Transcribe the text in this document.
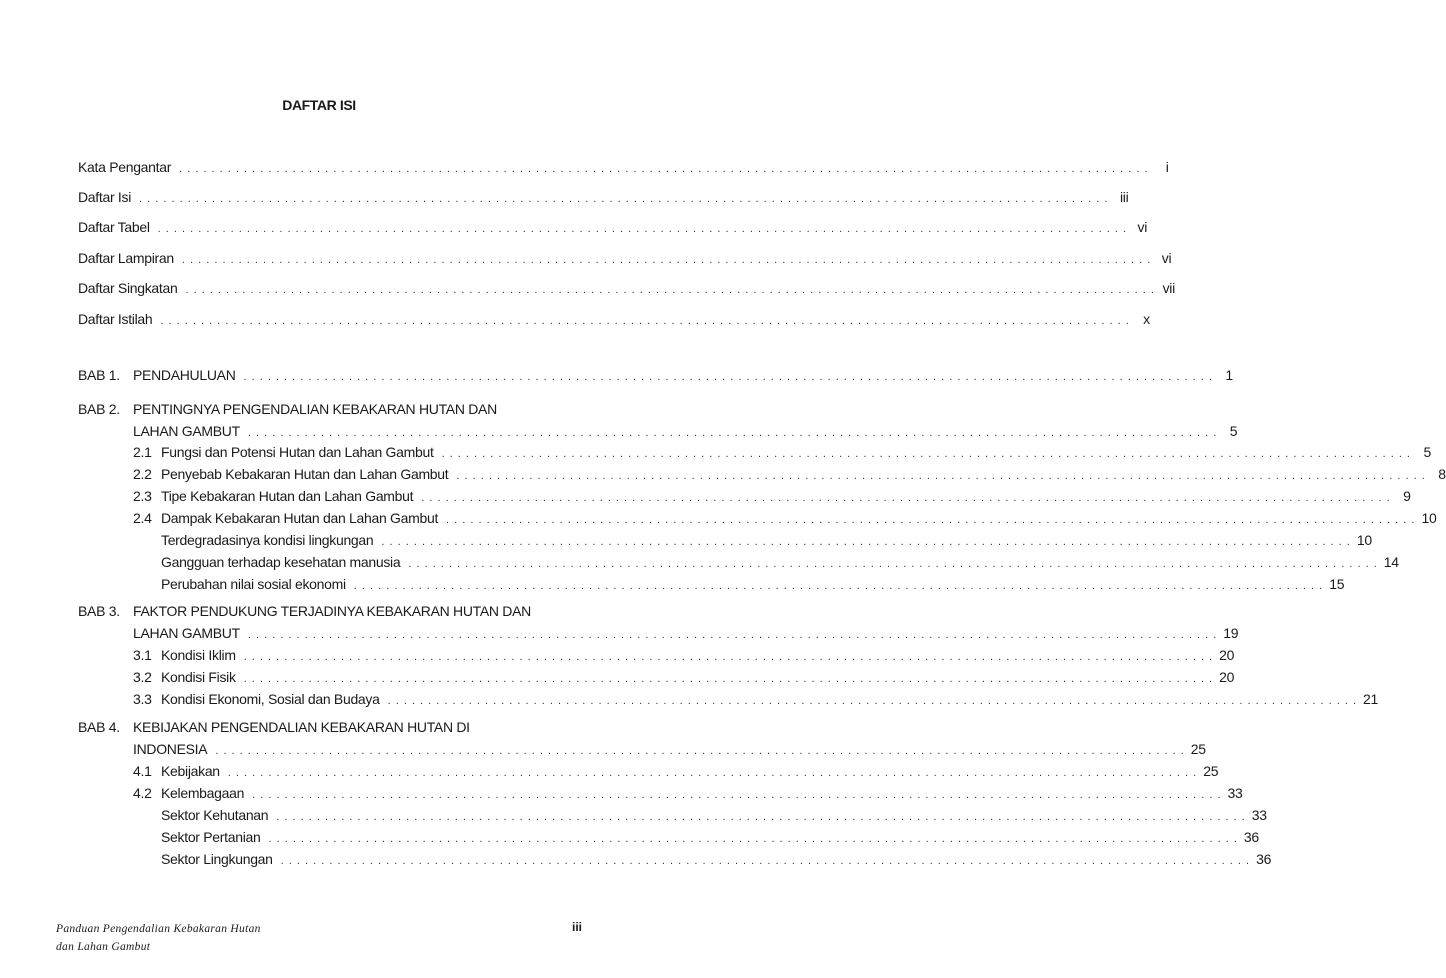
DAFTAR ISI
Kata Pengantar . . . . . . . . . . . . . . . . . . . . . . . . . . . . . . . . . . . . . . . . . . . . . . . . . . . . . . . . . . . . . . . . . . . . . . . . . . . . . . . . . . . . . . . . . . . . . . . . . . . . . . . . . . . . . . . . . . . . . . . .	i
Daftar Isi . . . . . . . . . . . . . . . . . . . . . . . . . . . . . . . . . . . . . . . . . . . . . . . . . . . . . . . . . . . . . . . . . . . . . . . . . . . . . . . . . . . . . . . . . . . . . . . . . . . . . . . . . . . . . . . . . . . . . . . . iii
Daftar Tabel . . . . . . . . . . . . . . . . . . . . . . . . . . . . . . . . . . . . . . . . . . . . . . . . . . . . . . . . . . . . . . . . . . . . . . . . . . . . . . . . . . . . . . . . . . . . . . . . . . . . . . . . . . . . . . . . . . . . . . . . vi
Daftar Lampiran . . . . . . . . . . . . . . . . . . . . . . . . . . . . . . . . . . . . . . . . . . . . . . . . . . . . . . . . . . . . . . . . . . . . . . . . . . . . . . . . . . . . . . . . . . . . . . . . . . . . . . . . . . . . . . . . . . . . . . . . vi
Daftar Singkatan . . . . . . . . . . . . . . . . . . . . . . . . . . . . . . . . . . . . . . . . . . . . . . . . . . . . . . . . . . . . . . . . . . . . . . . . . . . . . . . . . . . . . . . . . . . . . . . . . . . . . . . . . . . . . . . . . . . . . . . . vii
Daftar Istilah . . . . . . . . . . . . . . . . . . . . . . . . . . . . . . . . . . . . . . . . . . . . . . . . . . . . . . . . . . . . . . . . . . . . . . . . . . . . . . . . . . . . . . . . . . . . . . . . . . . . . . . . . . . . . . . . . . . . . . . . x
BAB 1. PENDAHULUAN . . . . . . . . . . . . . . . . . . . . . . . . . . . . . . . . . . . . . . . . . . . . . . . . . . . . . . . . . . . . . . . . . . . . . . . . . . . . . . . . . . . . . . . . . . . . . . . . . . . . . . . . . . . . . . . . . . . . . . . . 1
BAB 2. PENTINGNYA PENGENDALIAN KEBAKARAN HUTAN DAN
LAHAN GAMBUT . . . . . . . . . . . . . . . . . . . . . . . . . . . . . . . . . . . . . . . . . . . . . . . . . . . . . . . . . . . . . . . . . . . . . . . . . . . . . . . . . . . . . . . . . . . . . . . . . . . . . . . . . . . . . . . . . . . . . . . . 5
2.1 Fungsi dan Potensi Hutan dan Lahan Gambut . . . . . . . . . . . . . . . . . . . . . . . . . . . . . . . . . . . . . . . . . . . . . . . . . . . . . . . . . . . . . . . . . . . . . . . . . . . . . . . . . . . . . . . . . . . . . . . . . . . . . . . . . . . . . . . . . . . . . . . . 5
2.2 Penyebab Kebakaran Hutan dan Lahan Gambut . . . . . . . . . . . . . . . . . . . . . . . . . . . . . . . . . . . . . . . . . . . . . . . . . . . . . . . . . . . . . . . . . . . . . . . . . . . . . . . . . . . . . . . . . . . . . . . . . . . . . . . . . . . . . . . . . . . . . . . . 8
2.3 Tipe Kebakaran Hutan dan Lahan Gambut . . . . . . . . . . . . . . . . . . . . . . . . . . . . . . . . . . . . . . . . . . . . . . . . . . . . . . . . . . . . . . . . . . . . . . . . . . . . . . . . . . . . . . . . . . . . . . . . . . . . . . . . . . . . . . . . . . . . . . . . 9
2.4 Dampak Kebakaran Hutan dan Lahan Gambut . . . . . . . . . . . . . . . . . . . . . . . . . . . . . . . . . . . . . . . . . . . . . . . . . . . . . . . . . . . . . . . . . . . . . . . . . . . . . . . . . . . . . . . . . . . . . . . . . . . . . . . . . . . . . . . . . . . . . . . . 10
Terdegradasinya kondisi lingkungan . . . . . . . . . . . . . . . . . . . . . . . . . . . . . . . . . . . . . . . . . . . . . . . . . . . . . . . . . . . . . . . . . . . . . . . . . . . . . . . . . . . . . . . . . . . . . . . . . . . . . . . . . . . . . . . . . . . . . . . . 10
Gangguan terhadap kesehatan manusia . . . . . . . . . . . . . . . . . . . . . . . . . . . . . . . . . . . . . . . . . . . . . . . . . . . . . . . . . . . . . . . . . . . . . . . . . . . . . . . . . . . . . . . . . . . . . . . . . . . . . . . . . . . . . . . . . . . . . . . . 14
Perubahan nilai sosial ekonomi . . . . . . . . . . . . . . . . . . . . . . . . . . . . . . . . . . . . . . . . . . . . . . . . . . . . . . . . . . . . . . . . . . . . . . . . . . . . . . . . . . . . . . . . . . . . . . . . . . . . . . . . . . . . . . . . . . . . . . . . 15
BAB 3. FAKTOR PENDUKUNG TERJADINYA KEBAKARAN HUTAN DAN
LAHAN GAMBUT . . . . . . . . . . . . . . . . . . . . . . . . . . . . . . . . . . . . . . . . . . . . . . . . . . . . . . . . . . . . . . . . . . . . . . . . . . . . . . . . . . . . . . . . . . . . . . . . . . . . . . . . . . . . . . . . . . . . . . . . 19
3.1 Kondisi Iklim . . . . . . . . . . . . . . . . . . . . . . . . . . . . . . . . . . . . . . . . . . . . . . . . . . . . . . . . . . . . . . . . . . . . . . . . . . . . . . . . . . . . . . . . . . . . . . . . . . . . . . . . . . . . . . . . . . . . . . . . 20
3.2 Kondisi Fisik . . . . . . . . . . . . . . . . . . . . . . . . . . . . . . . . . . . . . . . . . . . . . . . . . . . . . . . . . . . . . . . . . . . . . . . . . . . . . . . . . . . . . . . . . . . . . . . . . . . . . . . . . . . . . . . . . . . . . . . . 20
3.3 Kondisi Ekonomi, Sosial dan Budaya . . . . . . . . . . . . . . . . . . . . . . . . . . . . . . . . . . . . . . . . . . . . . . . . . . . . . . . . . . . . . . . . . . . . . . . . . . . . . . . . . . . . . . . . . . . . . . . . . . . . . . . . . . . . . . . . . . . . . . . . 21
BAB 4. KEBIJAKAN PENGENDALIAN KEBAKARAN HUTAN DI
INDONESIA . . . . . . . . . . . . . . . . . . . . . . . . . . . . . . . . . . . . . . . . . . . . . . . . . . . . . . . . . . . . . . . . . . . . . . . . . . . . . . . . . . . . . . . . . . . . . . . . . . . . . . . . . . . . . . . . . . . . . . . . 25
4.1 Kebijakan . . . . . . . . . . . . . . . . . . . . . . . . . . . . . . . . . . . . . . . . . . . . . . . . . . . . . . . . . . . . . . . . . . . . . . . . . . . . . . . . . . . . . . . . . . . . . . . . . . . . . . . . . . . . . . . . . . . . . . . . 25
4.2 Kelembagaan . . . . . . . . . . . . . . . . . . . . . . . . . . . . . . . . . . . . . . . . . . . . . . . . . . . . . . . . . . . . . . . . . . . . . . . . . . . . . . . . . . . . . . . . . . . . . . . . . . . . . . . . . . . . . . . . . . . . . . . . 33
Sektor Kehutanan . . . . . . . . . . . . . . . . . . . . . . . . . . . . . . . . . . . . . . . . . . . . . . . . . . . . . . . . . . . . . . . . . . . . . . . . . . . . . . . . . . . . . . . . . . . . . . . . . . . . . . . . . . . . . . . . . . . . . . . . 33
Sektor Pertanian . . . . . . . . . . . . . . . . . . . . . . . . . . . . . . . . . . . . . . . . . . . . . . . . . . . . . . . . . . . . . . . . . . . . . . . . . . . . . . . . . . . . . . . . . . . . . . . . . . . . . . . . . . . . . . . . . . . . . . . . 36
Sektor Lingkungan . . . . . . . . . . . . . . . . . . . . . . . . . . . . . . . . . . . . . . . . . . . . . . . . . . . . . . . . . . . . . . . . . . . . . . . . . . . . . . . . . . . . . . . . . . . . . . . . . . . . . . . . . . . . . . . . . . . . . . . . 36
Panduan Pengendalian Kebakaran Hutan
dan Lahan Gambut
iii
